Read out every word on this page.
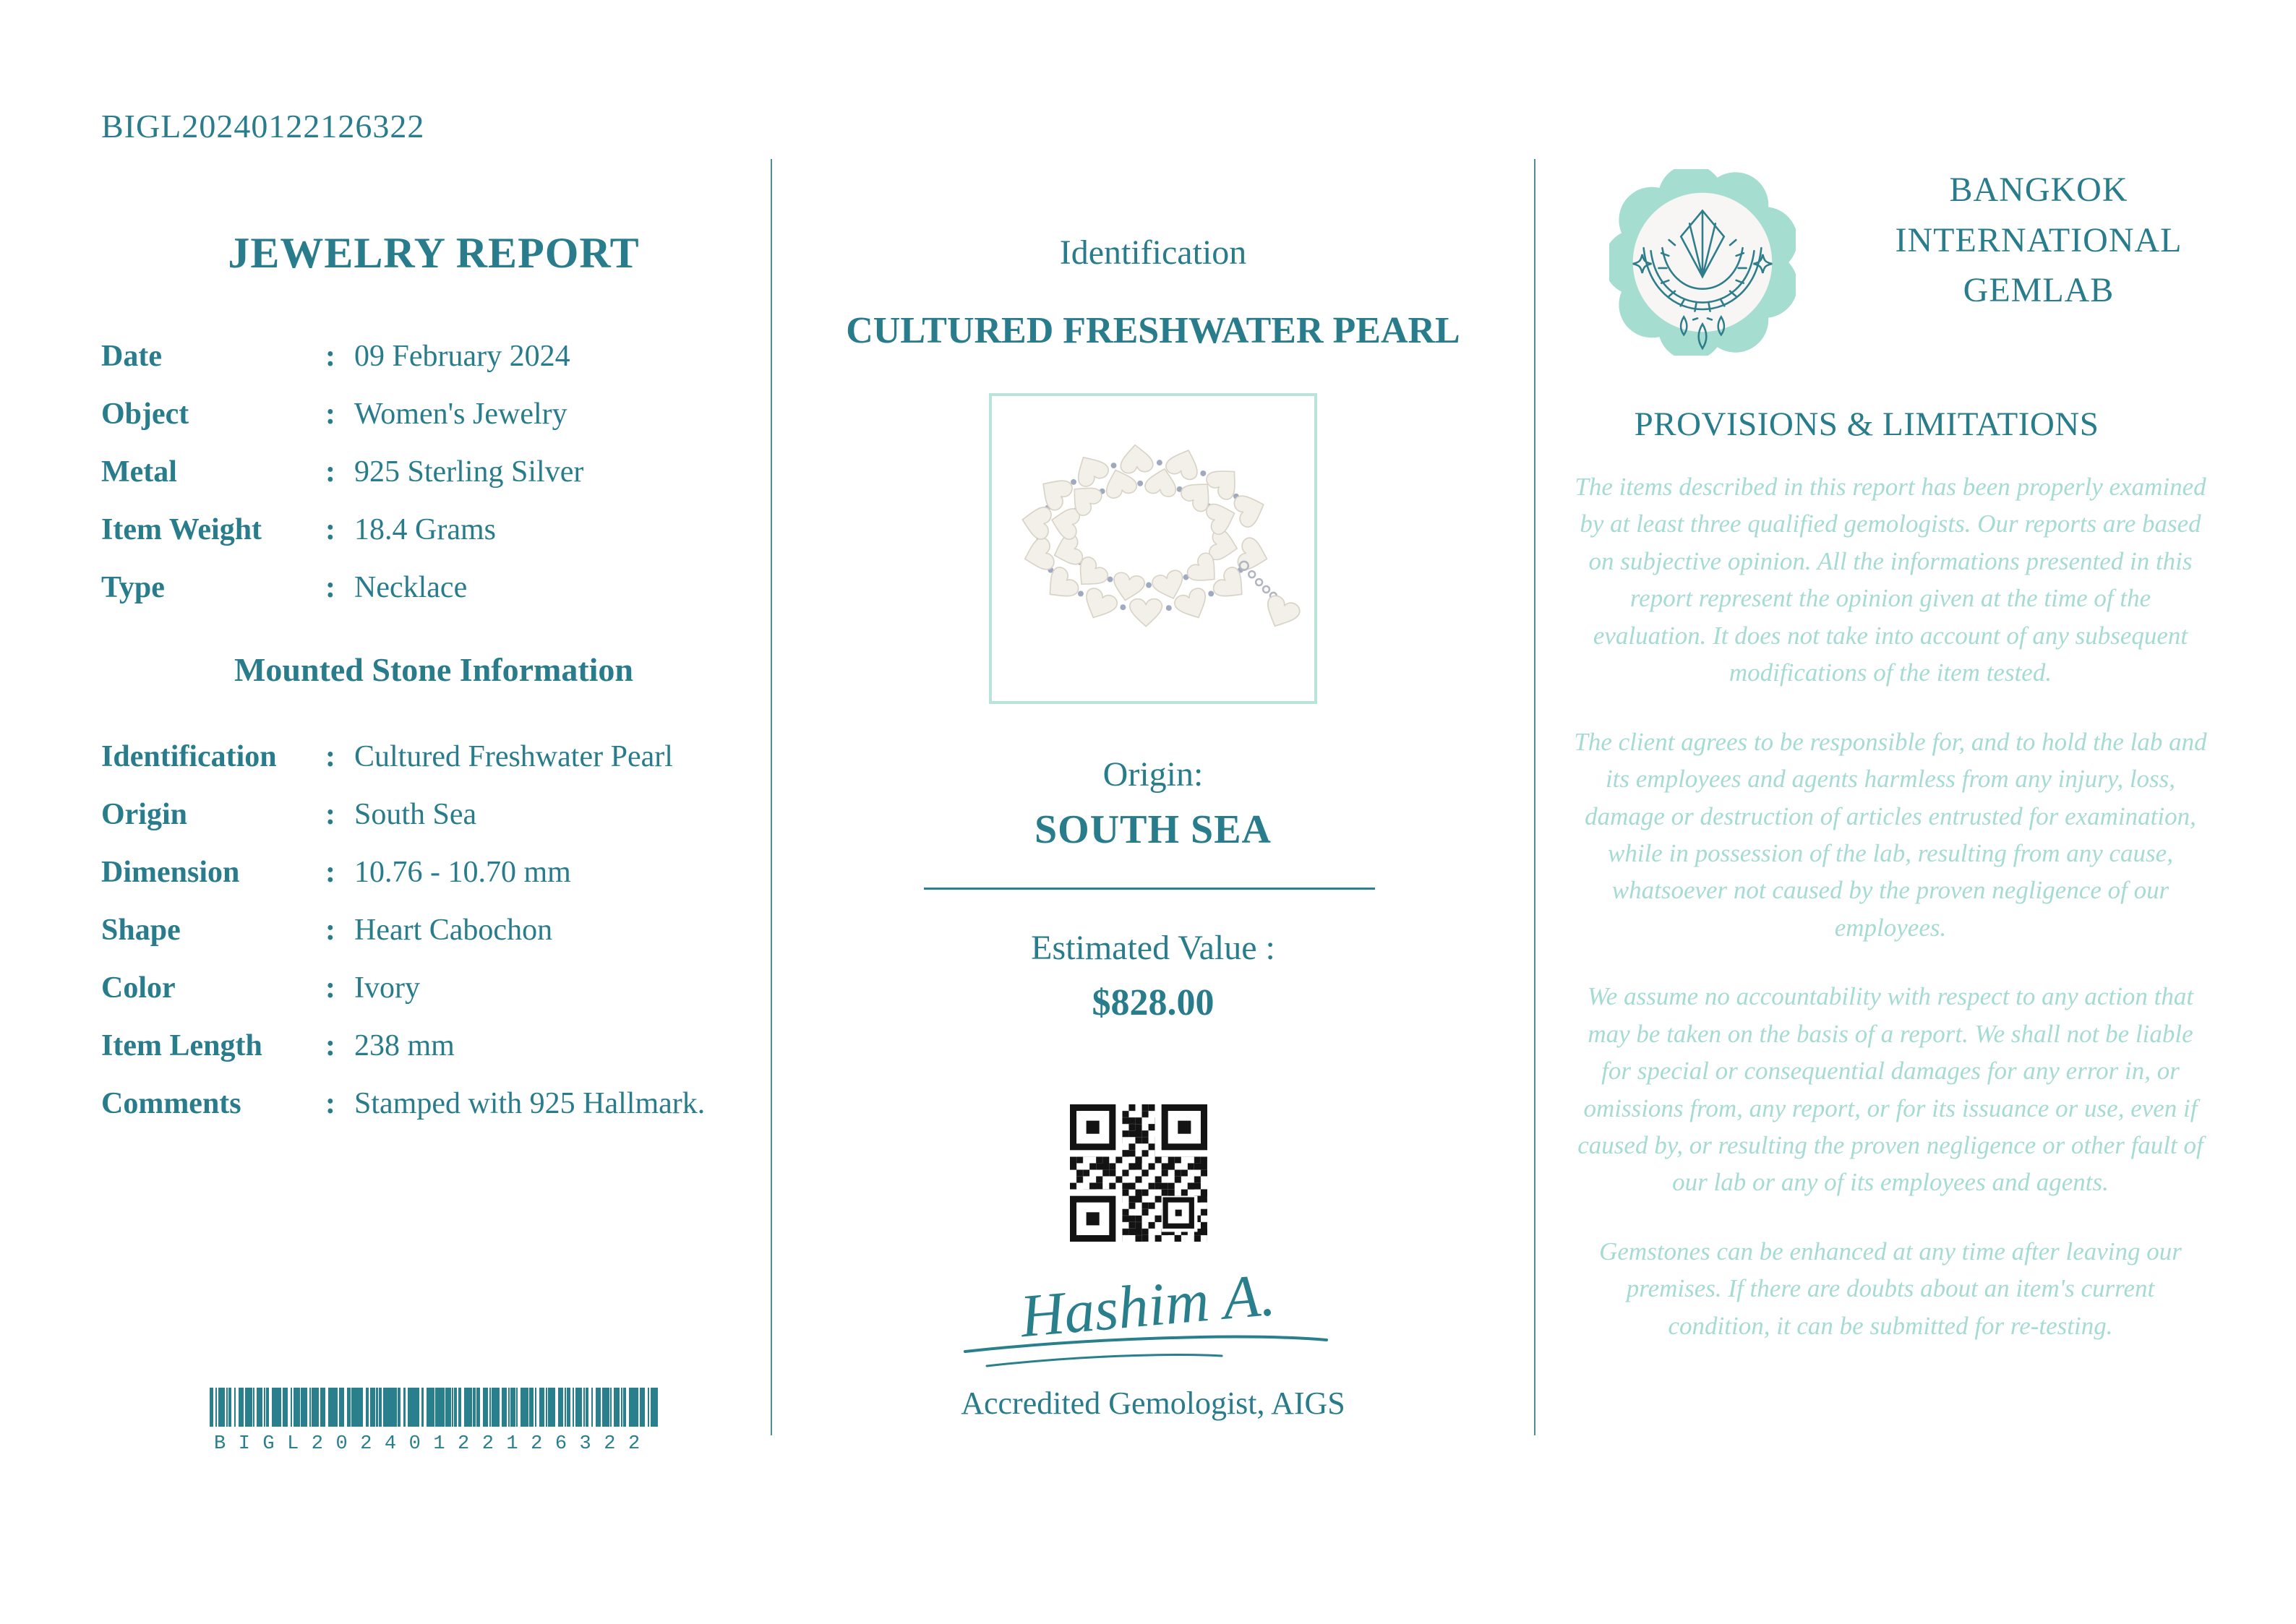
BIGL20240122126322
JEWELRY REPORT
Date	: 09 February 2024
Object	: Women's Jewelry
Metal	: 925 Sterling Silver
Item Weight	: 18.4 Grams
Type	: Necklace
Mounted Stone Information
Identification	: Cultured Freshwater Pearl
Origin	: South Sea
Dimension	: 10.76 - 10.70 mm
Shape	: Heart Cabochon
Color	: Ivory
Item Length	: 238 mm
Comments	: Stamped with 925 Hallmark.
BIGL20240122126322
Identification
CULTURED FRESHWATER PEARL
Origin:
SOUTH SEA
Estimated Value :
$828.00
Hashim A.
Accredited Gemologist, AIGS
BANGKOK
INTERNATIONAL
GEMLAB
PROVISIONS & LIMITATIONS

The items described in this report has been properly examined by at least three qualified gemologists. Our reports are based on subjective opinion. All the informations presented in this report represent the opinion given at the time of the evaluation. It does not take into account of any subsequent modifications of the item tested.

The client agrees to be responsible for, and to hold the lab and its employees and agents harmless from any injury, loss, damage or destruction of articles entrusted for examination, while in possession of the lab, resulting from any cause, whatsoever not caused by the proven negligence of our employees.

We assume no accountability with respect to any action that may be taken on the basis of a report. We shall not be liable for special or consequential damages for any error in, or omissions from, any report, or for its issuance or use, even if caused by, or resulting the proven negligence or other fault of our lab or any of its employees and agents.

Gemstones can be enhanced at any time after leaving our premises. If there are doubts about an item's current condition, it can be submitted for re-testing.
